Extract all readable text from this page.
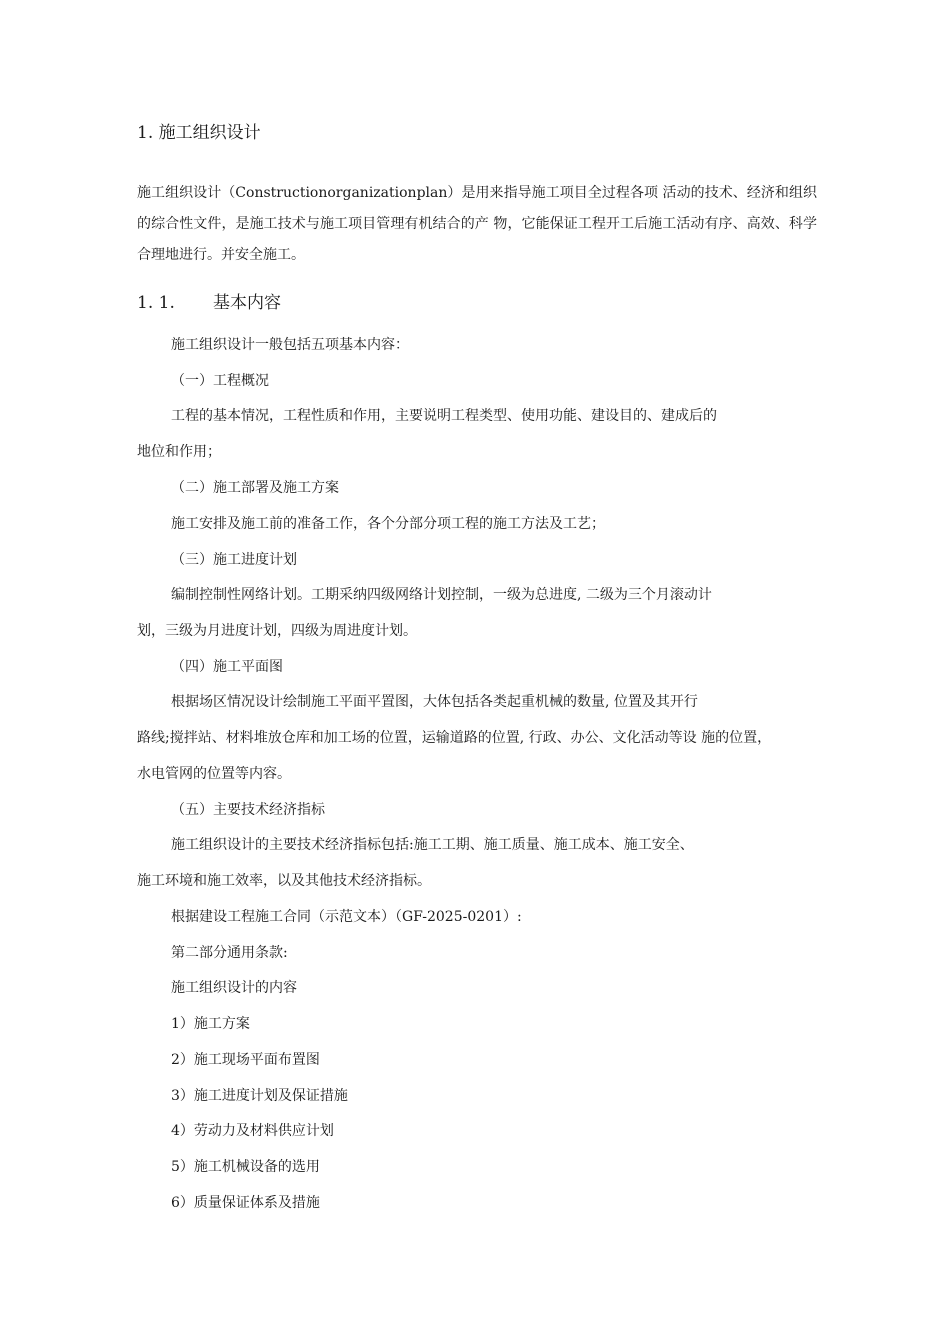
1. 施工组织设计
施工组织设计（Constructionorganizationplan）是用来指导施工项目全过程各项 活动的技术、经济和组织的综合性文件，是施工技术与施工项目管理有机结合的产 物，它能保证工程开工后施工活动有序、高效、科学合理地进行。并安全施工。
1. 1. 基本内容
施工组织设计一般包括五项基本内容：
（一）工程概况
工程的基本情况，工程性质和作用，主要说明工程类型、使用功能、建设目的、建成后的
地位和作用；
（二）施工部署及施工方案
施工安排及施工前的准备工作，各个分部分项工程的施工方法及工艺；
（三）施工进度计划
编制控制性网络计划。工期采纳四级网络计划控制，一级为总进度, 二级为三个月滚动计
划，三级为月进度计划，四级为周进度计划。
（四）施工平面图
根据场区情况设计绘制施工平面平置图，大体包括各类起重机械的数量, 位置及其开行
路线;搅拌站、材料堆放仓库和加工场的位置，运输道路的位置, 行政、办公、文化活动等设 施的位置，
水电管网的位置等内容。
（五）主要技术经济指标
施工组织设计的主要技术经济指标包括:施工工期、施工质量、施工成本、施工安全、
施工环境和施工效率，以及其他技术经济指标。
根据建设工程施工合同（示范文本）（GF-2025-0201）:
第二部分通用条款:
施工组织设计的内容
1）施工方案
2）施工现场平面布置图
3）施工进度计划及保证措施
4）劳动力及材料供应计划
5）施工机械设备的选用
6）质量保证体系及措施
